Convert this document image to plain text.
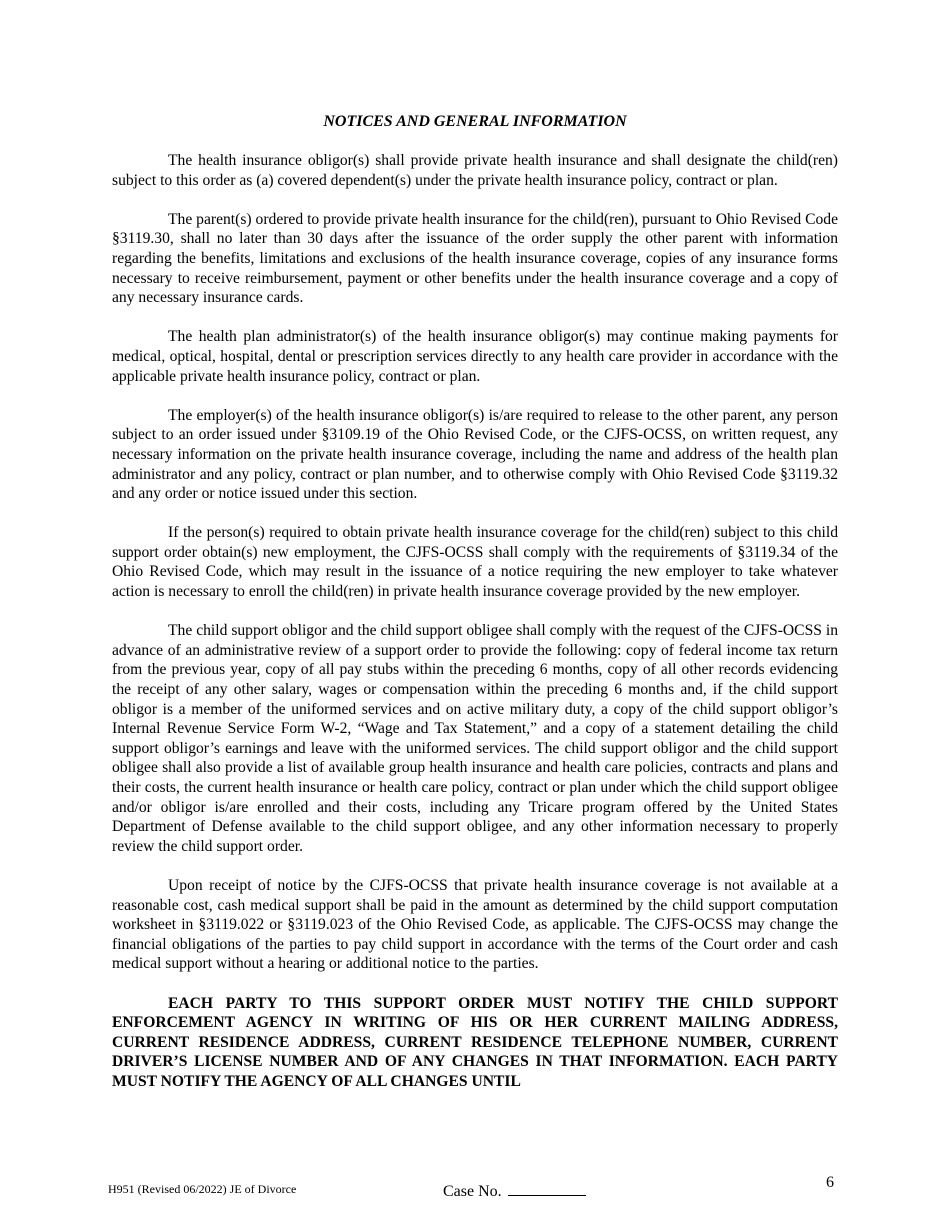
NOTICES AND GENERAL INFORMATION

The health insurance obligor(s) shall provide private health insurance and shall designate the child(ren) subject to this order as (a) covered dependent(s) under the private health insurance policy, contract or plan.

The parent(s) ordered to provide private health insurance for the child(ren), pursuant to Ohio Revised Code §3119.30, shall no later than 30 days after the issuance of the order supply the other parent with information regarding the benefits, limitations and exclusions of the health insurance coverage, copies of any insurance forms necessary to receive reimbursement, payment or other benefits under the health insurance coverage and a copy of any necessary insurance cards.

The health plan administrator(s) of the health insurance obligor(s) may continue making payments for medical, optical, hospital, dental or prescription services directly to any health care provider in accordance with the applicable private health insurance policy, contract or plan.

The employer(s) of the health insurance obligor(s) is/are required to release to the other parent, any person subject to an order issued under §3109.19 of the Ohio Revised Code, or the CJFS-OCSS, on written request, any necessary information on the private health insurance coverage, including the name and address of the health plan administrator and any policy, contract or plan number, and to otherwise comply with Ohio Revised Code §3119.32 and any order or notice issued under this section.

If the person(s) required to obtain private health insurance coverage for the child(ren) subject to this child support order obtain(s) new employment, the CJFS-OCSS shall comply with the requirements of §3119.34 of the Ohio Revised Code, which may result in the issuance of a notice requiring the new employer to take whatever action is necessary to enroll the child(ren) in private health insurance coverage provided by the new employer.

The child support obligor and the child support obligee shall comply with the request of the CJFS-OCSS in advance of an administrative review of a support order to provide the following: copy of federal income tax return from the previous year, copy of all pay stubs within the preceding 6 months, copy of all other records evidencing the receipt of any other salary, wages or compensation within the preceding 6 months and, if the child support obligor is a member of the uniformed services and on active military duty, a copy of the child support obligor’s Internal Revenue Service Form W-2, “Wage and Tax Statement,” and a copy of a statement detailing the child support obligor’s earnings and leave with the uniformed services. The child support obligor and the child support obligee shall also provide a list of available group health insurance and health care policies, contracts and plans and their costs, the current health insurance or health care policy, contract or plan under which the child support obligee and/or obligor is/are enrolled and their costs, including any Tricare program offered by the United States Department of Defense available to the child support obligee, and any other information necessary to properly review the child support order.

Upon receipt of notice by the CJFS-OCSS that private health insurance coverage is not available at a reasonable cost, cash medical support shall be paid in the amount as determined by the child support computation worksheet in §3119.022 or §3119.023 of the Ohio Revised Code, as applicable. The CJFS-OCSS may change the financial obligations of the parties to pay child support in accordance with the terms of the Court order and cash medical support without a hearing or additional notice to the parties.

EACH PARTY TO THIS SUPPORT ORDER MUST NOTIFY THE CHILD SUPPORT ENFORCEMENT AGENCY IN WRITING OF HIS OR HER CURRENT MAILING ADDRESS, CURRENT RESIDENCE ADDRESS, CURRENT RESIDENCE TELEPHONE NUMBER, CURRENT DRIVER’S LICENSE NUMBER AND OF ANY CHANGES IN THAT INFORMATION. EACH PARTY MUST NOTIFY THE AGENCY OF ALL CHANGES UNTIL

H951 (Revised 06/2022) JE of Divorce	Case No.
6
